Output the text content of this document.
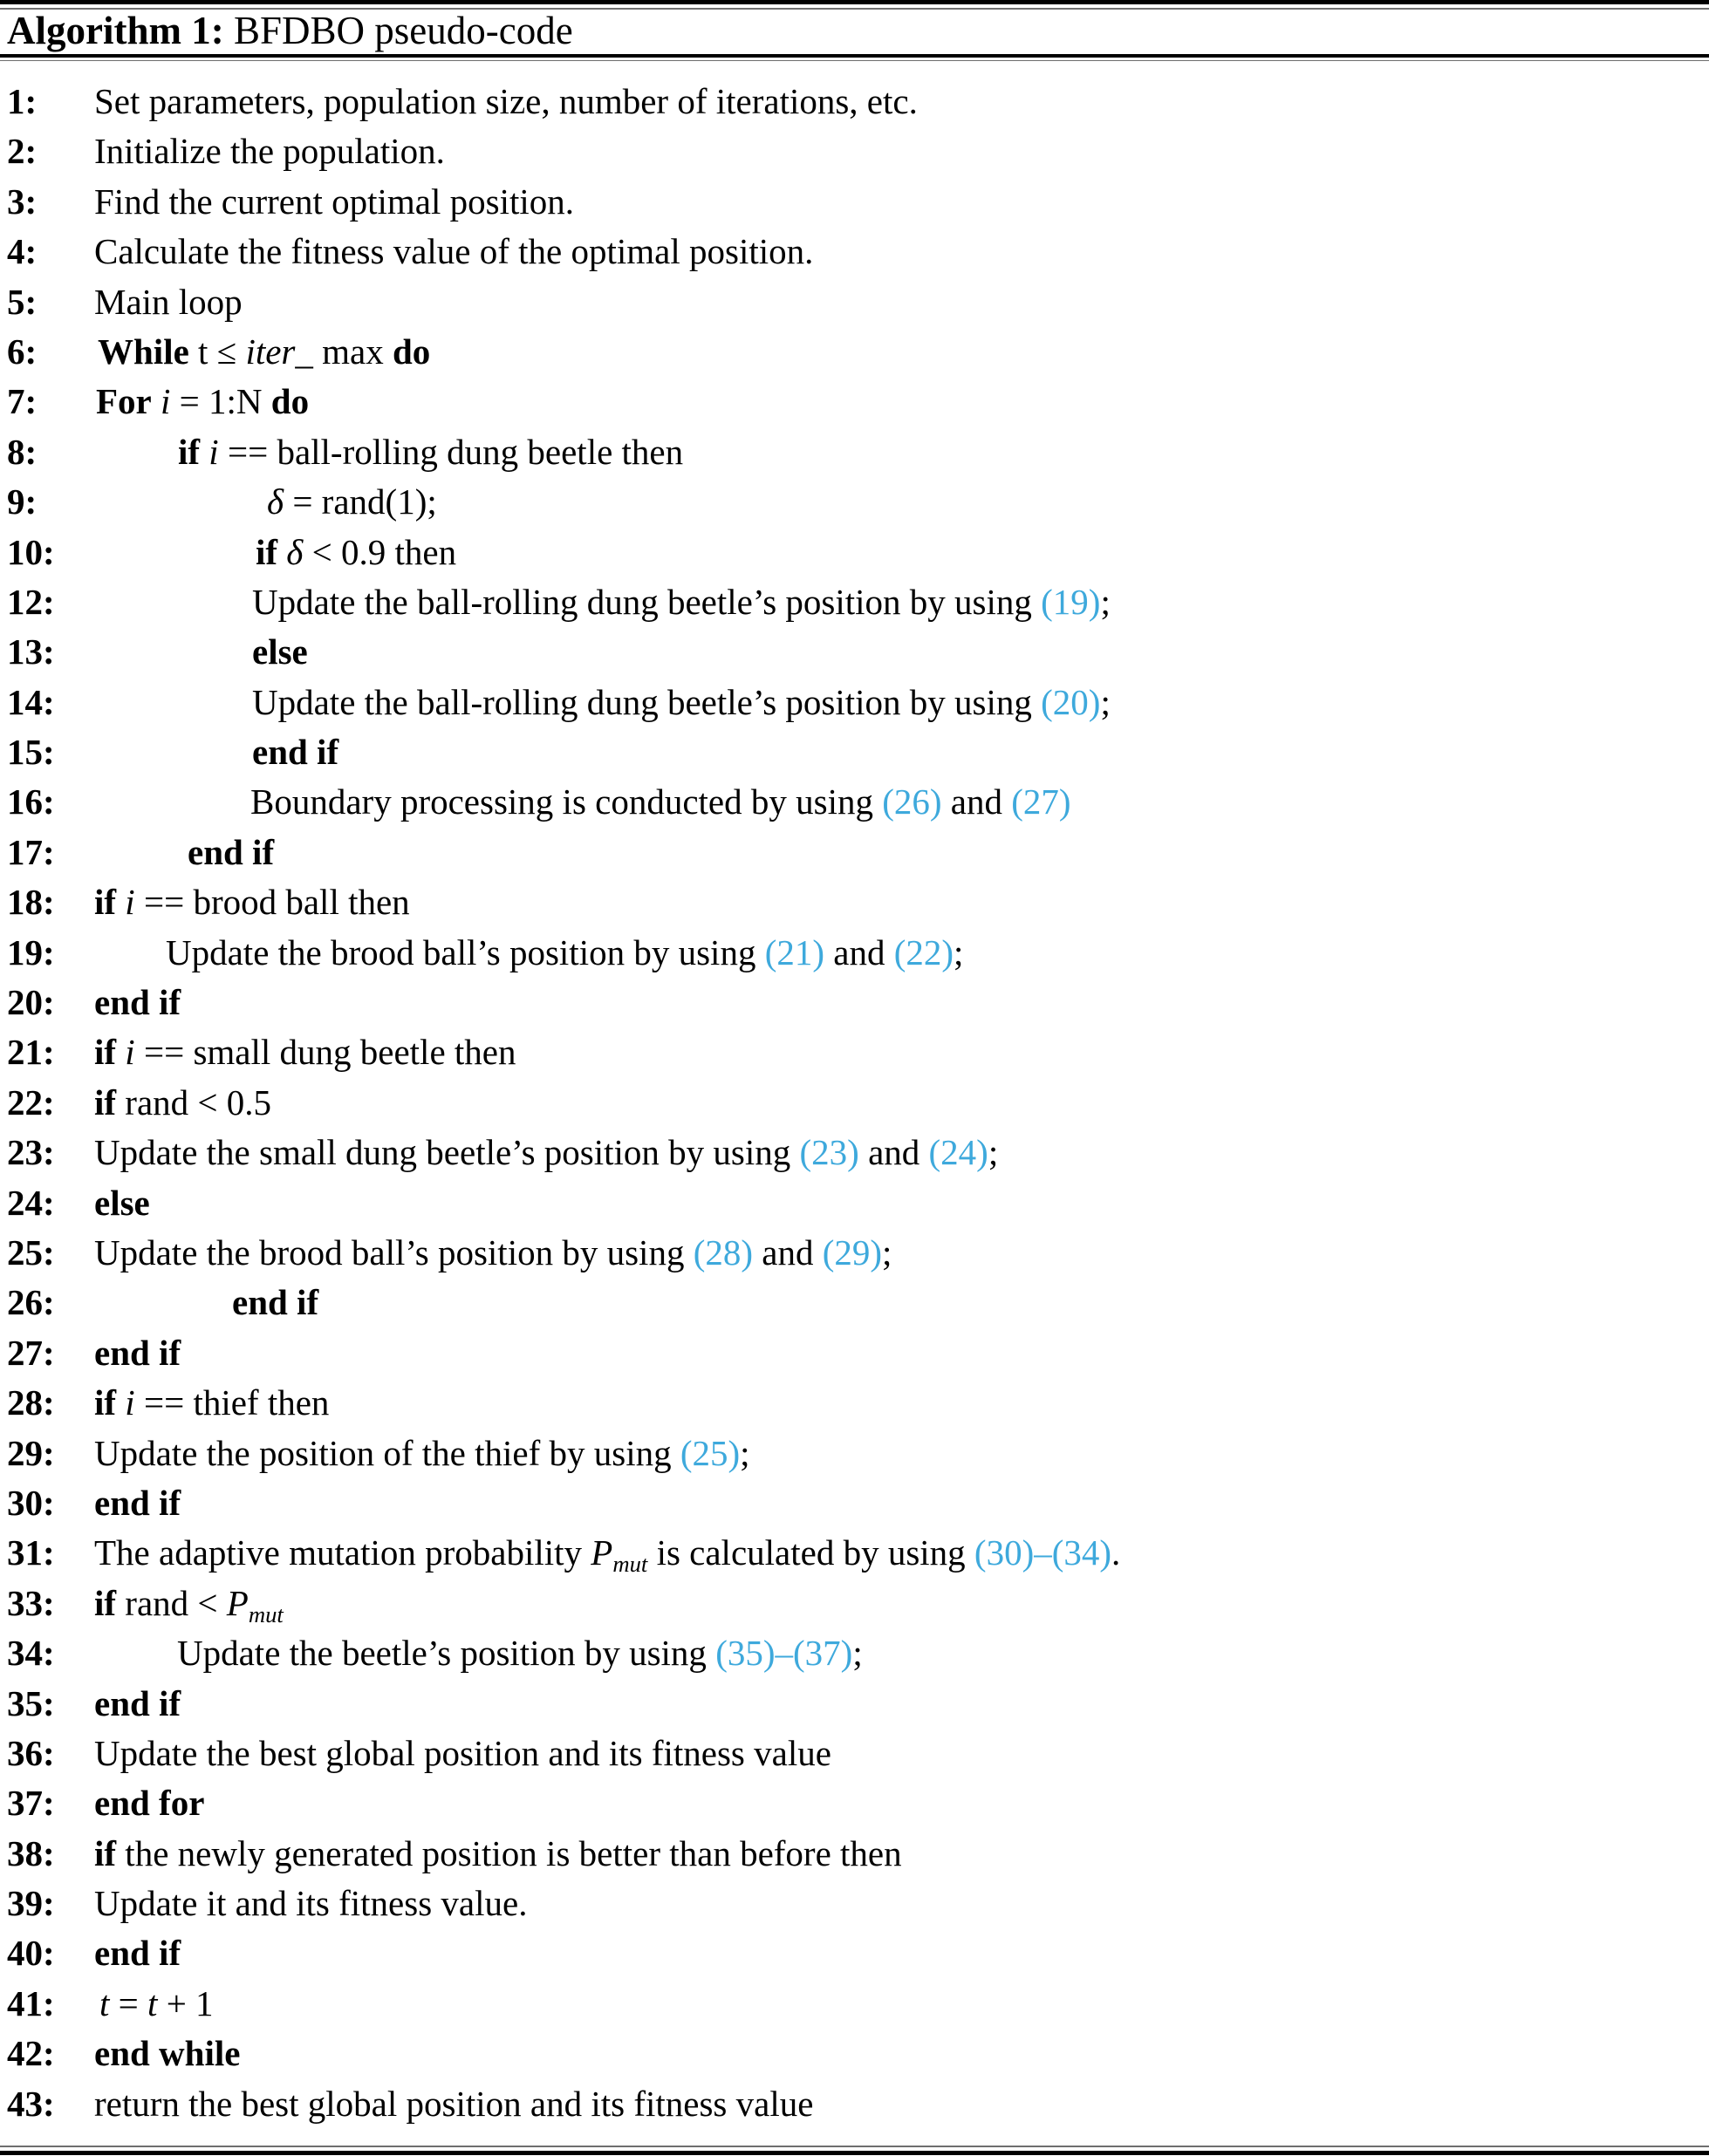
Algorithm 1: BFDBO pseudo-code
1: Set parameters, population size, number of iterations, etc.
2: Initialize the population.
3: Find the current optimal position.
4: Calculate the fitness value of the optimal position.
5: Main loop
6: While t ≤ iter_ max do
7: For i = 1:N do
8:	if i == ball-rolling dung beetle then
9:	δ = rand(1);
10:	if δ < 0.9 then
12:	Update the ball-rolling dung beetle’s position by using (19);
13:	else
14:	Update the ball-rolling dung beetle’s position by using (20);
15:	end if
16:	Boundary processing is conducted by using (26) and (27)
17:	end if
18: if i == brood ball then
19:	Update the brood ball’s position by using (21) and (22);
20: end if
21: if i == small dung beetle then
22: if rand < 0.5
23: Update the small dung beetle’s position by using (23) and (24);
24: else
25: Update the brood ball’s position by using (28) and (29);
26:	end if
27: end if
28: if i == thief then
29: Update the position of the thief by using (25);
30: end if
31: The adaptive mutation probability Pmut is calculated by using (30)–(34).
33: if rand < Pmut
34:	Update the beetle’s position by using (35)–(37);
35: end if
36: Update the best global position and its fitness value
37: end for
38: if the newly generated position is better than before then
39: Update it and its fitness value.
40: end if
41: t = t + 1
42: end while
43: return the best global position and its fitness value
